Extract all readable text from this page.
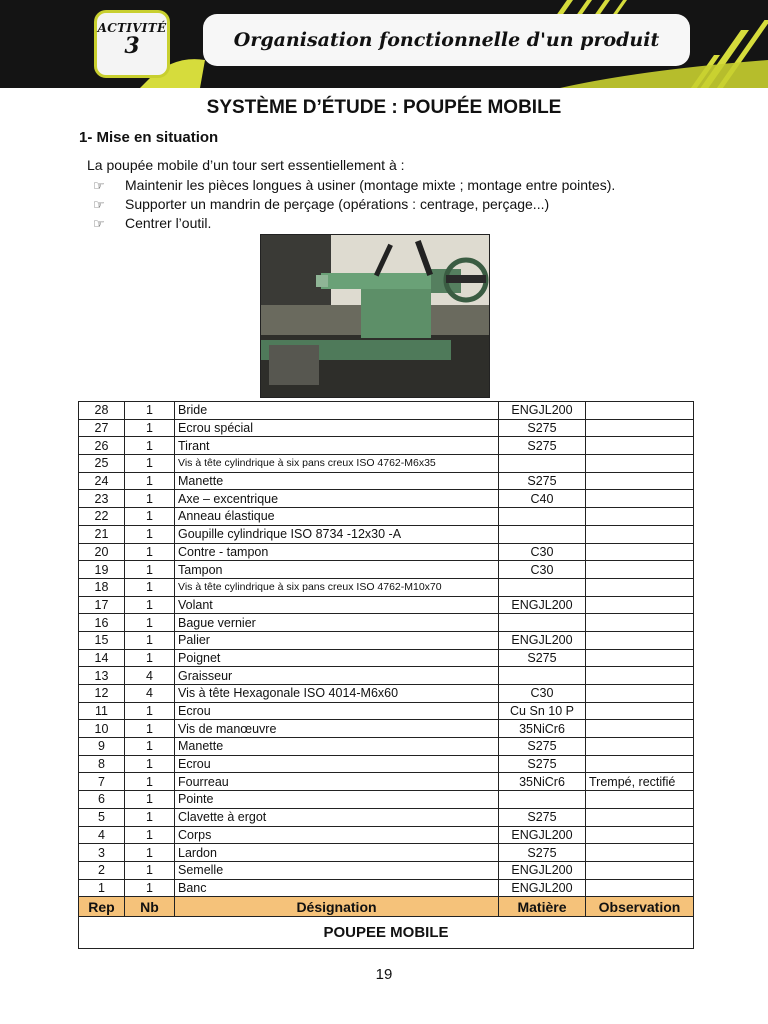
ACTIVITÉ
3	Organisation fonctionnelle d'un produit
SYSTÈME D’ÉTUDE : POUPÉE MOBILE
1- Mise en situation
La poupée mobile d’un tour sert essentiellement à :
☞	Maintenir les pièces longues à usiner (montage mixte ; montage entre pointes).
☞	Supporter un mandrin de perçage (opérations : centrage, perçage...)
☞	Centrer l’outil.
28	1	Bride	ENGJL200	
27	1	Ecrou spécial	S275	
26	1	Tirant	S275	
25	1	Vis à tête cylindrique à six pans creux ISO 4762-M6x35		
24	1	Manette	S275	
23	1	Axe – excentrique	C40	
22	1	Anneau élastique		
21	1	Goupille cylindrique ISO 8734 -12x30 -A		
20	1	Contre - tampon	C30	
19	1	Tampon	C30	
18	1	Vis à tête cylindrique à six pans creux ISO 4762-M10x70		
17	1	Volant	ENGJL200	
16	1	Bague vernier		
15	1	Palier	ENGJL200	
14	1	Poignet	S275	
13	4	Graisseur		
12	4	Vis à tête Hexagonale ISO 4014-M6x60	C30	
11	1	Ecrou	Cu Sn 10 P	
10	1	Vis de manœuvre	35NiCr6	
9	1	Manette	S275	
8	1	Ecrou	S275	
7	1	Fourreau	35NiCr6	Trempé, rectifié
6	1	Pointe		
5	1	Clavette à ergot	S275	
4	1	Corps	ENGJL200	
3	1	Lardon	S275	
2	1	Semelle	ENGJL200	
1	1	Banc	ENGJL200	
Rep	Nb	Désignation	Matière	Observation
POUPEE MOBILE				
19
